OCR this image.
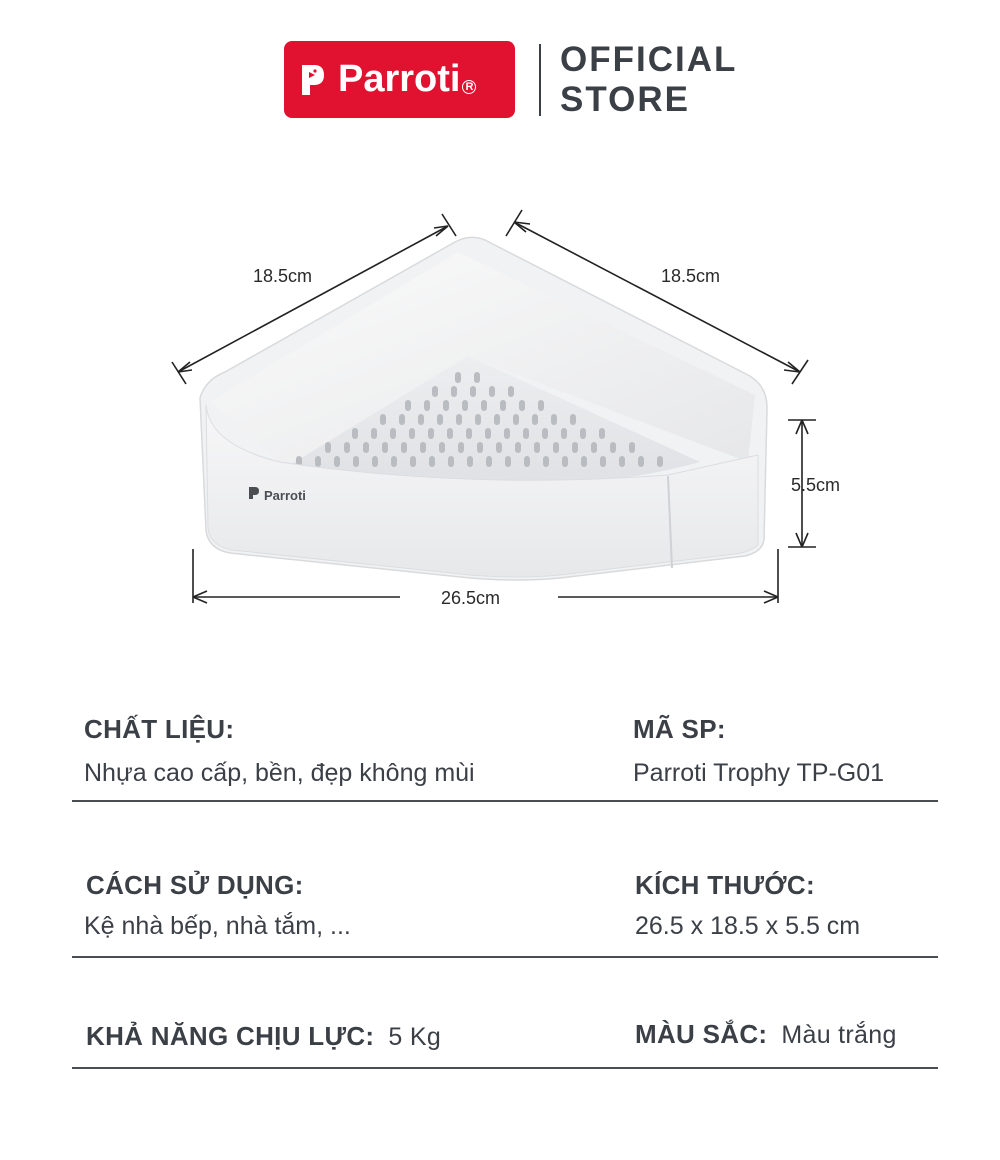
Parroti R
OFFICIAL
STORE
Parroti
18.5cm	18.5cm
5.5cm
26.5cm
CHẤT LIỆU:
Nhựa cao cấp, bền, đẹp không mùi
MÃ SP:
Parroti Trophy TP-G01
CÁCH SỬ DỤNG:
Kệ nhà bếp, nhà tắm, ...
KÍCH THƯỚC:
26.5 x 18.5 x 5.5 cm
KHẢ NĂNG CHỊU LỰC: 5 Kg	MÀU SẮC: Màu trắng
